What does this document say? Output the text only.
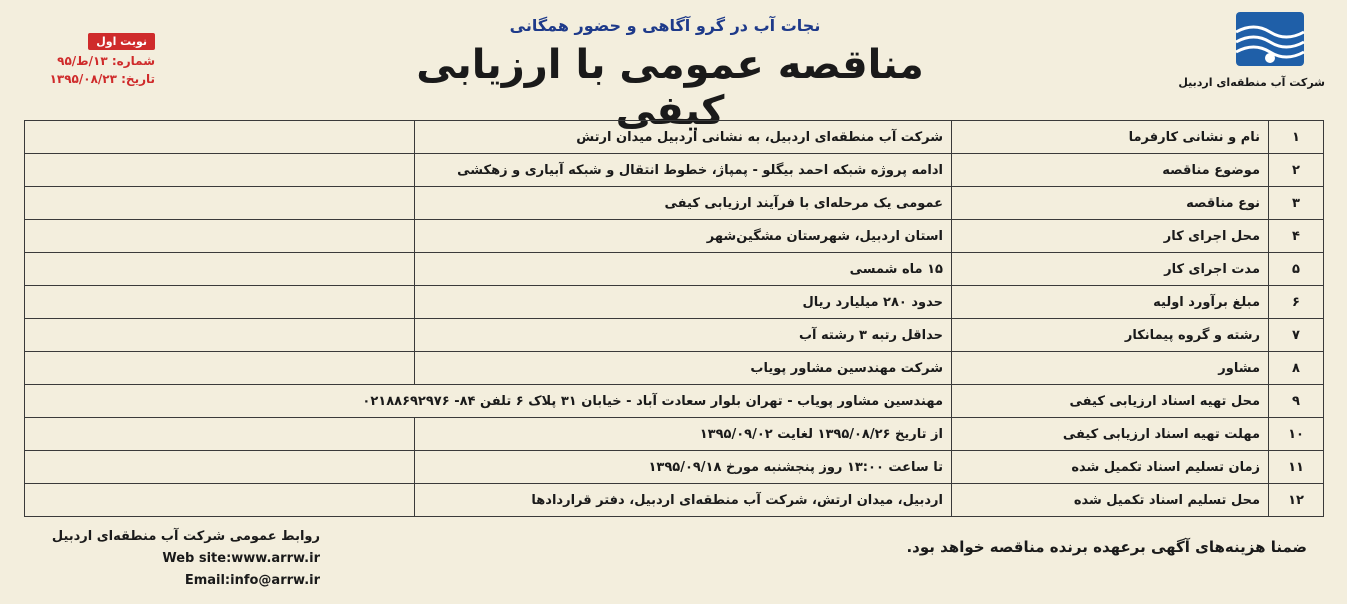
شرکت آب منطقه‌ای اردبیل
نجات آب در گرو آگاهی و حضور همگانی
مناقصه عمومی با ارزیابی کیفی
نوبت اول
شماره: ۱۳/ط/۹۵
تاریخ: ۱۳۹۵/۰۸/۲۳
۱	نام و نشانی کارفرما	شرکت آب منطقه‌ای اردبیل، به نشانی اردبیل میدان ارتش	
۲	موضوع مناقصه	ادامه پروژه شبکه احمد بیگلو - پمپاژ، خطوط انتقال و شبکه آبیاری و زهکشی	
۳	نوع مناقصه	عمومی یک مرحله‌ای با فرآیند ارزیابی کیفی	
۴	محل اجرای کار	استان اردبیل، شهرستان مشگین‌شهر	
۵	مدت اجرای کار	۱۵ ماه شمسی	
۶	مبلغ برآورد اولیه	حدود ۲۸۰ میلیارد ریال	
۷	رشته و گروه پیمانکار	حداقل رتبه ۳ رشته آب	
۸	مشاور	شرکت مهندسین مشاور پویاب	
۹	محل تهیه اسناد ارزیابی کیفی	مهندسین مشاور پویاب - تهران بلوار سعادت آباد - خیابان ۳۱ پلاک ۶ تلفن ۸۴- ۰۲۱۸۸۶۹۲۹۷۶	
۱۰	مهلت تهیه اسناد ارزیابی کیفی	از تاریخ ۱۳۹۵/۰۸/۲۶ لغایت ۱۳۹۵/۰۹/۰۲	
۱۱	زمان تسلیم اسناد تکمیل شده	تا ساعت ۱۳:۰۰ روز پنجشنبه مورخ ۱۳۹۵/۰۹/۱۸	
۱۲	محل تسلیم اسناد تکمیل شده	اردبیل، میدان ارتش، شرکت آب منطقه‌ای اردبیل، دفتر قراردادها	
ضمنا هزینه‌های آگهی برعهده برنده مناقصه خواهد بود.
روابط عمومی شرکت آب منطقه‌ای اردبیل
Web site:www.arrw.ir
Email:info@arrw.ir
